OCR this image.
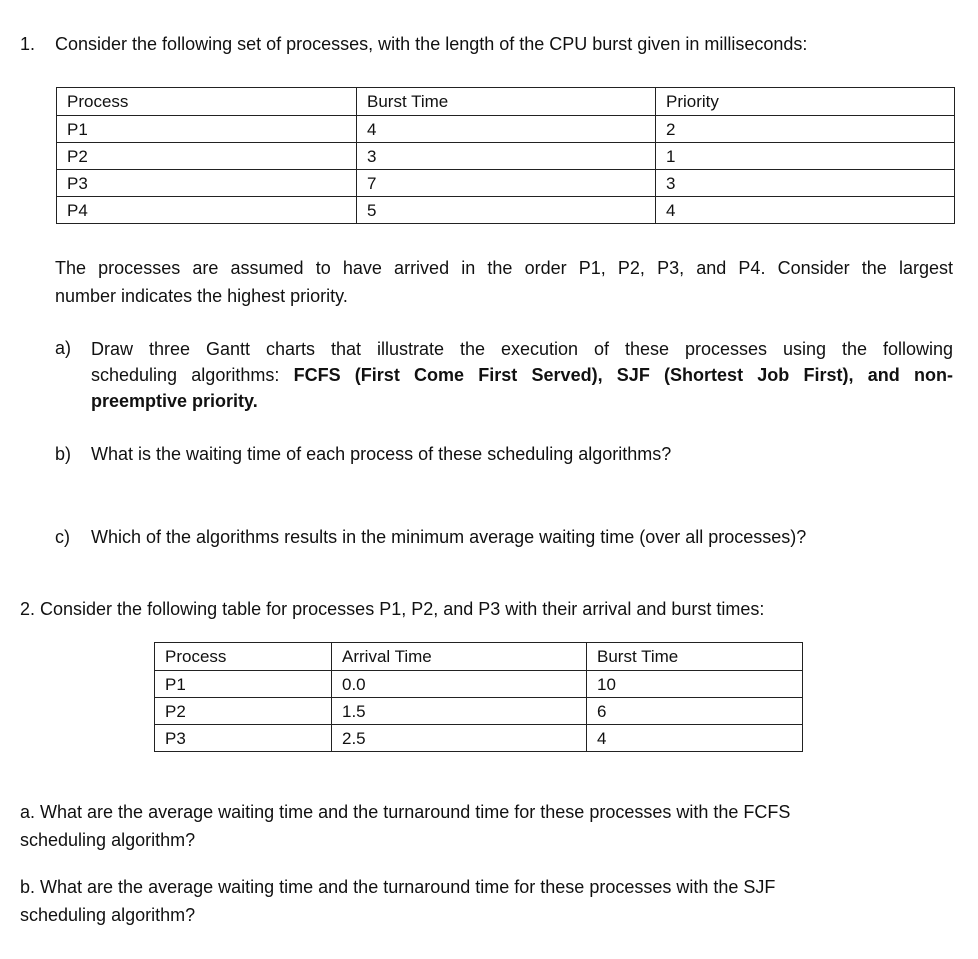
1. Consider the following set of processes, with the length of the CPU burst given in milliseconds:
Process	Burst Time	Priority
P1	4	2
P2	3	1
P3	7	3
P4	5	4
The processes are assumed to have arrived in the order P1, P2, P3, and P4. Consider the largest
number indicates the highest priority.
a) Draw three Gantt charts that illustrate the execution of these processes using the following
scheduling algorithms: FCFS (First Come First Served), SJF (Shortest Job First), and non-
preemptive priority.
b) What is the waiting time of each process of these scheduling algorithms?
c) Which of the algorithms results in the minimum average waiting time (over all processes)?
2. Consider the following table for processes P1, P2, and P3 with their arrival and burst times:
Process	Arrival Time	Burst Time
P1	0.0	10
P2	1.5	6
P3	2.5	4
a. What are the average waiting time and the turnaround time for these processes with the FCFS
scheduling algorithm?
b. What are the average waiting time and the turnaround time for these processes with the SJF
scheduling algorithm?
